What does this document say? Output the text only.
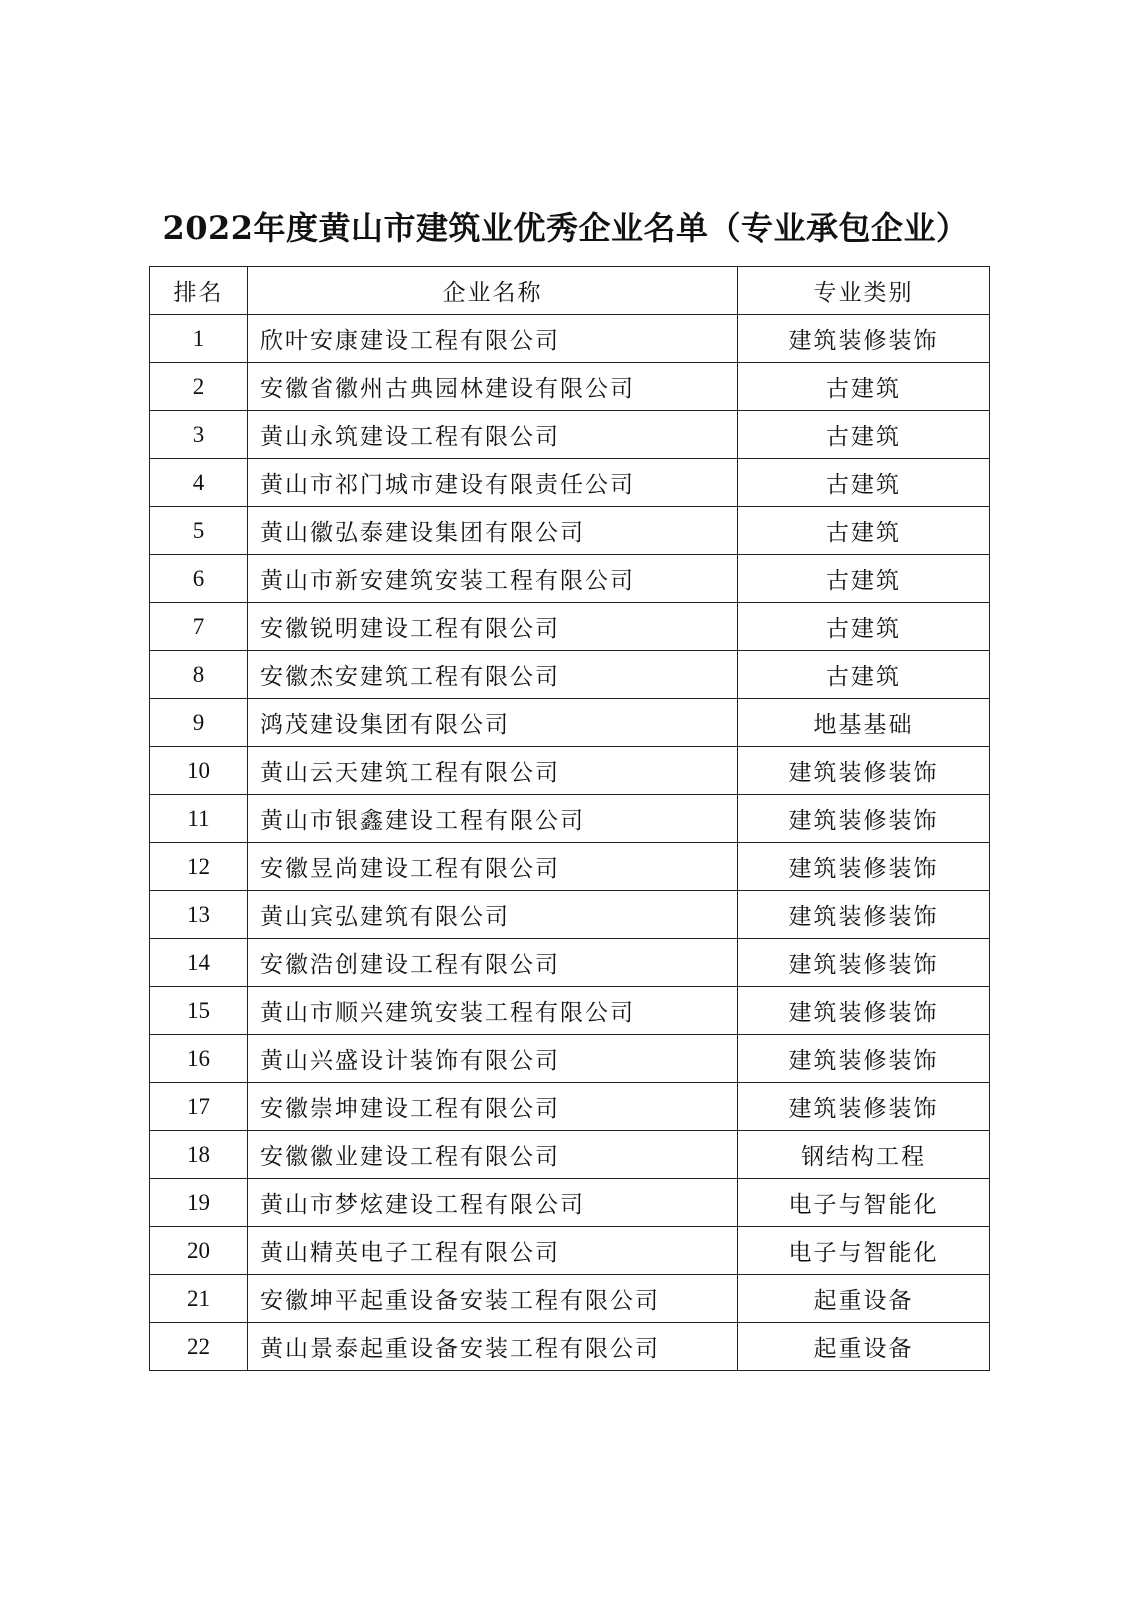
2022年度黄山市建筑业优秀企业名单（专业承包企业）
排名	企业名称	专业类别
1	欣叶安康建设工程有限公司	建筑装修装饰
2	安徽省徽州古典园林建设有限公司	古建筑
3	黄山永筑建设工程有限公司	古建筑
4	黄山市祁门城市建设有限责任公司	古建筑
5	黄山徽弘泰建设集团有限公司	古建筑
6	黄山市新安建筑安装工程有限公司	古建筑
7	安徽锐明建设工程有限公司	古建筑
8	安徽杰安建筑工程有限公司	古建筑
9	鸿茂建设集团有限公司	地基基础
10	黄山云天建筑工程有限公司	建筑装修装饰
11	黄山市银鑫建设工程有限公司	建筑装修装饰
12	安徽昱尚建设工程有限公司	建筑装修装饰
13	黄山宾弘建筑有限公司	建筑装修装饰
14	安徽浩创建设工程有限公司	建筑装修装饰
15	黄山市顺兴建筑安装工程有限公司	建筑装修装饰
16	黄山兴盛设计装饰有限公司	建筑装修装饰
17	安徽崇坤建设工程有限公司	建筑装修装饰
18	安徽徽业建设工程有限公司	钢结构工程
19	黄山市梦炫建设工程有限公司	电子与智能化
20	黄山精英电子工程有限公司	电子与智能化
21	安徽坤平起重设备安装工程有限公司	起重设备
22	黄山景泰起重设备安装工程有限公司	起重设备
